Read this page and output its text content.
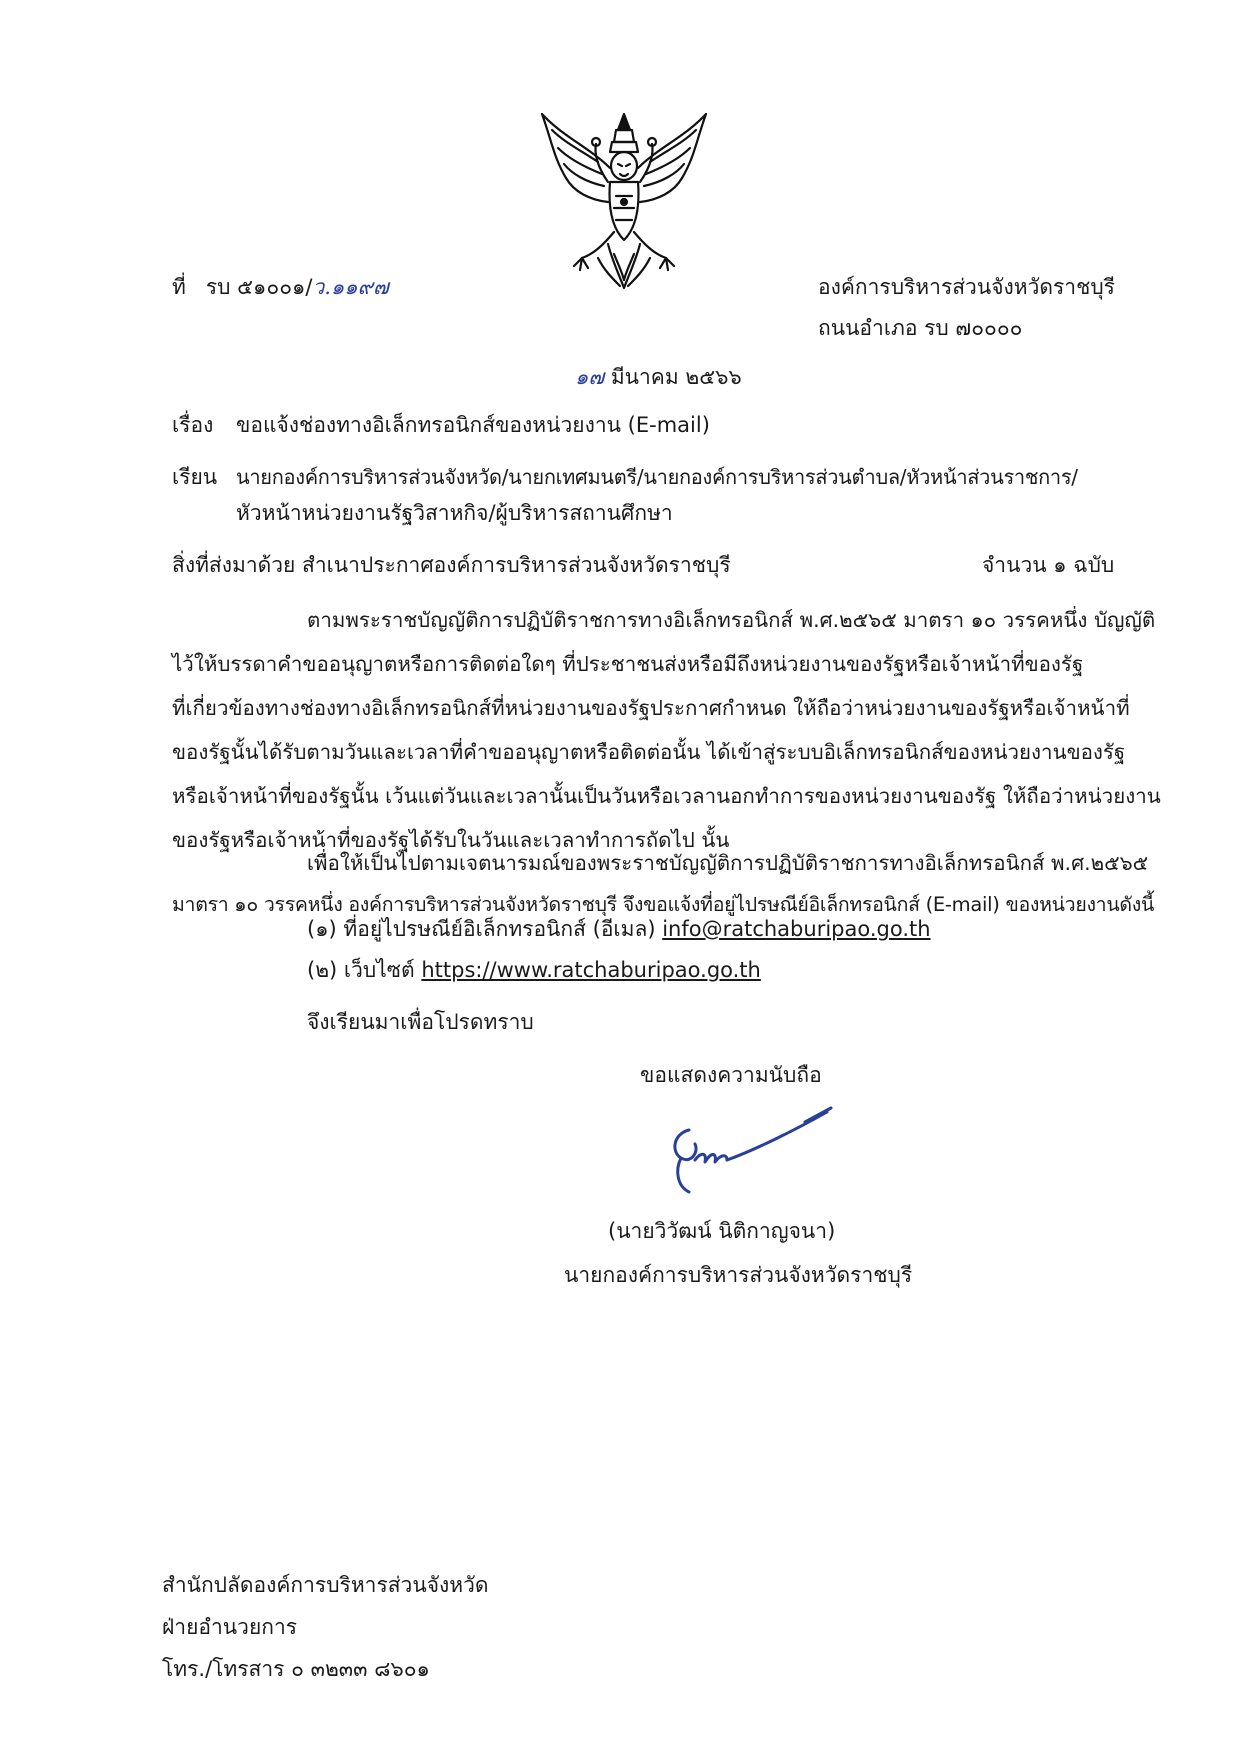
ที่ รบ ๕๑๐๐๑/ว.๑๑๙๗	องค์การบริหารส่วนจังหวัดราชบุรี
ถนนอำเภอ รบ ๗๐๐๐๐
๑๗ มีนาคม ๒๕๖๖
เรื่อง ขอแจ้งช่องทางอิเล็กทรอนิกส์ของหน่วยงาน (E-mail)
เรียน นายกองค์การบริหารส่วนจังหวัด/นายกเทศมนตรี/นายกองค์การบริหารส่วนตำบล/หัวหน้าส่วนราชการ/
หัวหน้าหน่วยงานรัฐวิสาหกิจ/ผู้บริหารสถานศึกษา
สิ่งที่ส่งมาด้วย สำเนาประกาศองค์การบริหารส่วนจังหวัดราชบุรี	จำนวน ๑ ฉบับ
ตามพระราชบัญญัติการปฏิบัติราชการทางอิเล็กทรอนิกส์ พ.ศ.๒๕๖๕ มาตรา ๑๐ วรรคหนึ่ง บัญญัติ
ไว้ให้บรรดาคำขออนุญาตหรือการติดต่อใดๆ ที่ประชาชนส่งหรือมีถึงหน่วยงานของรัฐหรือเจ้าหน้าที่ของรัฐ
ที่เกี่ยวข้องทางช่องทางอิเล็กทรอนิกส์ที่หน่วยงานของรัฐประกาศกำหนด ให้ถือว่าหน่วยงานของรัฐหรือเจ้าหน้าที่
ของรัฐนั้นได้รับตามวันและเวลาที่คำขออนุญาตหรือติดต่อนั้น ได้เข้าสู่ระบบอิเล็กทรอนิกส์ของหน่วยงานของรัฐ
หรือเจ้าหน้าที่ของรัฐนั้น เว้นแต่วันและเวลานั้นเป็นวันหรือเวลานอกทำการของหน่วยงานของรัฐ ให้ถือว่าหน่วยงาน
ของรัฐหรือเจ้าหน้าที่ของรัฐได้รับในวันและเวลาทำการถัดไป นั้น
เพื่อให้เป็นไปตามเจตนารมณ์ของพระราชบัญญัติการปฏิบัติราชการทางอิเล็กทรอนิกส์ พ.ศ.๒๕๖๕
มาตรา ๑๐ วรรคหนึ่ง องค์การบริหารส่วนจังหวัดราชบุรี จึงขอแจ้งที่อยู่ไปรษณีย์อิเล็กทรอนิกส์ (E-mail) ของหน่วยงานดังนี้
(๑) ที่อยู่ไปรษณีย์อิเล็กทรอนิกส์ (อีเมล) info@ratchaburipao.go.th
(๒) เว็บไซต์ https://www.ratchaburipao.go.th
จึงเรียนมาเพื่อโปรดทราบ
ขอแสดงความนับถือ
(นายวิวัฒน์ นิติกาญจนา)
นายกองค์การบริหารส่วนจังหวัดราชบุรี
สำนักปลัดองค์การบริหารส่วนจังหวัด
ฝ่ายอำนวยการ
โทร./โทรสาร ๐ ๓๒๓๓ ๘๖๐๑
